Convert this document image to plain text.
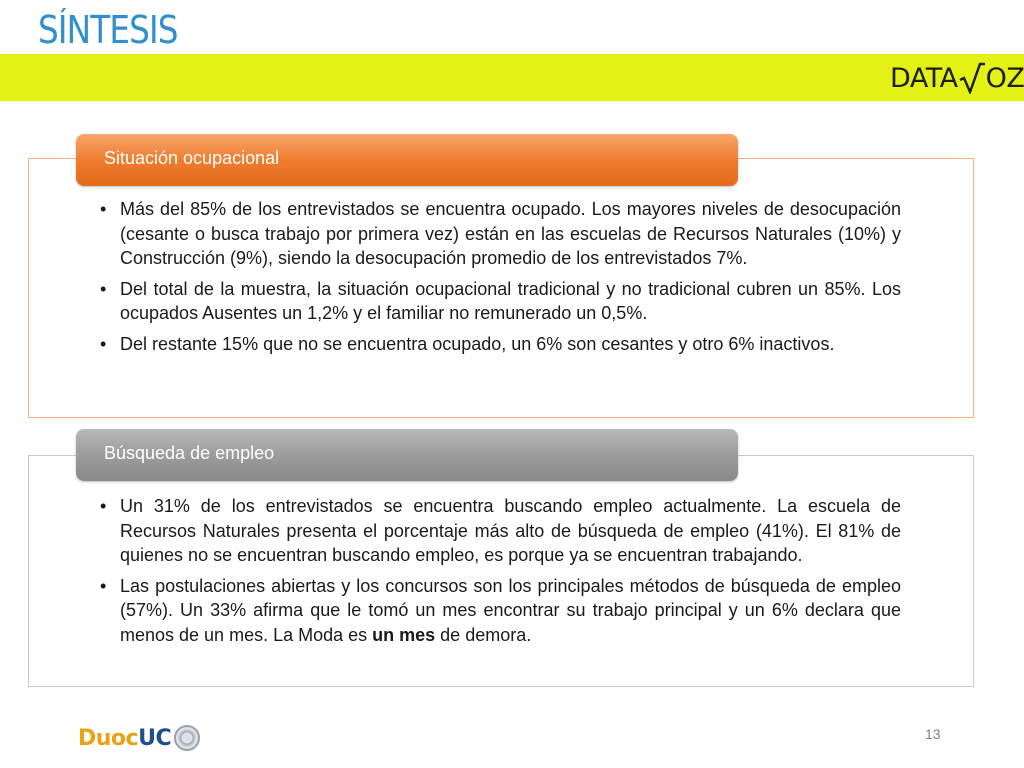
SÍNTESIS
DATA OZ
Situación ocupacional
• Más del 85% de los entrevistados se encuentra ocupado. Los mayores niveles de desocupación (cesante o busca trabajo por primera vez) están en las escuelas de Recursos Naturales (10%) y Construcción (9%), siendo la desocupación promedio de los entrevistados 7%.
• Del total de la muestra, la situación ocupacional tradicional y no tradicional cubren un 85%. Los ocupados Ausentes un 1,2% y el familiar no remunerado un 0,5%.
• Del restante 15% que no se encuentra ocupado, un 6% son cesantes y otro 6% inactivos.
Búsqueda de empleo
• Un 31% de los entrevistados se encuentra buscando empleo actualmente. La escuela de Recursos Naturales presenta el porcentaje más alto de búsqueda de empleo (41%). El 81% de quienes no se encuentran buscando empleo, es porque ya se encuentran trabajando.
• Las postulaciones abiertas y los concursos son los principales métodos de búsqueda de empleo (57%). Un 33% afirma que le tomó un mes encontrar su trabajo principal y un 6% declara que menos de un mes. La Moda es un mes de demora.
Duoc UC	13
